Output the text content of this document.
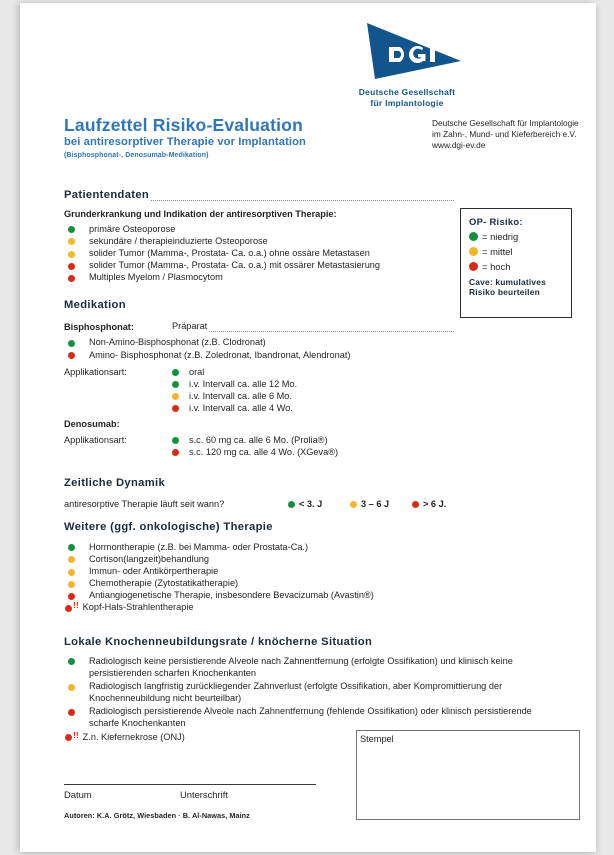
Deutsche Gesellschaft
für Implantologie
Laufzettel Risiko-Evaluation
bei antiresorptiver Therapie vor Implantation
(Bisphosphonat-, Denosumab-Medikation)
Deutsche Gesellschaft für Implantologie
im Zahn-, Mund- und Kieferbereich e.V.
www.dgi-ev.de
Patientendaten
Grunderkrankung und Indikation der antiresorptiven Therapie:
primäre Osteoporose
sekundäre / therapieinduzierte Osteoporose
solider Tumor (Mamma-, Prostata- Ca. o.a.) ohne ossäre Metastasen
solider Tumor (Mamma-, Prostata- Ca. o.a.) mit ossärer Metastasierung
Multiples Myelom / Plasmocytom
OP- Risiko:
= niedrig
= mittel
= hoch
Cave: kumulatives
Risiko beurteilen
Medikation
Bisphosphonat:	Präparat
Non-Amino-Bisphosphonat (z.B. Clodronat)
Amino- Bisphosphonat (z.B. Zoledronat, Ibandronat, Alendronat)
Applikationsart:	oral
i.v. Intervall ca. alle 12 Mo.
i.v. Intervall ca. alle 6 Mo.
i.v. Intervall ca. alle 4 Wo.
Denosumab:
Applikationsart:	s.c. 60 mg ca. alle 6 Mo. (Prolia®)
s.c. 120 mg ca. alle 4 Wo. (XGeva®)
Zeitliche Dynamik
antiresorptive Therapie läuft seit wann?	< 3. J	3 – 6 J	> 6 J.
Weitere (ggf. onkologische) Therapie
Hormontherapie (z.B. bei Mamma- oder Prostata-Ca.)
Cortison(langzeit)behandlung
Immun- oder Antikörpertherapie
Chemotherapie (Zytostatikatherapie)
Antiangiogenetische Therapie, insbesondere Bevacizumab (Avastin®)
!! Kopf-Hals-Strahlentherapie
Lokale Knochenneubildungsrate / knöcherne Situation
Radiologisch keine persistierende Alveole nach Zahnentfernung (erfolgte Ossifikation) und klinisch keine persistierenden scharfen Knochenkanten
Radiologisch langfristig zurückliegender Zahnverlust (erfolgte Ossifikation, aber Kompromittierung der Knochenneubildung nicht beurteilbar)
Radiologisch persistierende Alveole nach Zahnentfernung (fehlende Ossifikation) oder klinisch persistierende scharfe Knochenkanten
!! Z.n. Kiefernekrose (ONJ)	Stempel
Datum	Unterschrift
Autoren: K.A. Grötz, Wiesbaden · B. Al-Nawas, Mainz
